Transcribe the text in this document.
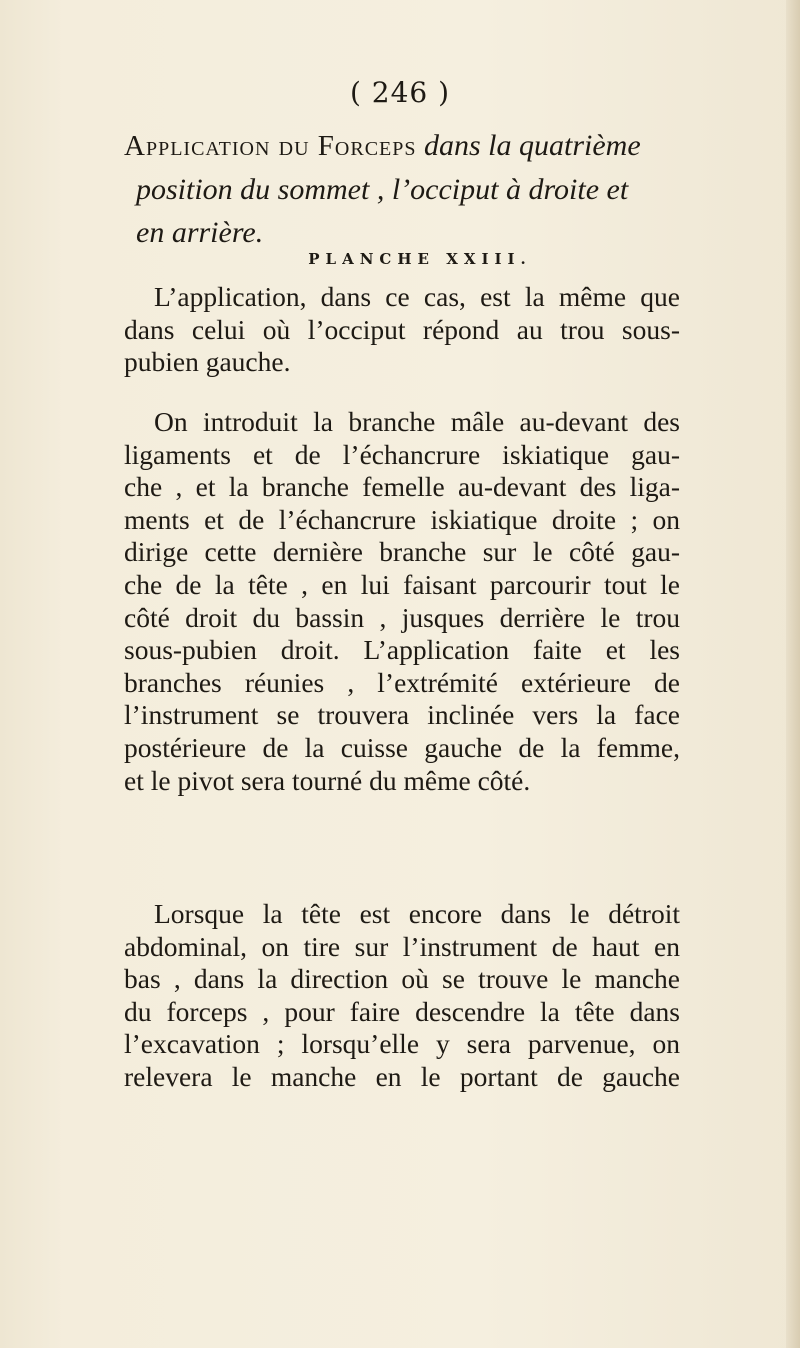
( 246 )
Application du Forceps dans la quatrième
position du sommet , l’occiput à droite et
en arrière.
PLANCHE XXIII.
L’application, dans ce cas, est la même que
dans celui où l’occiput répond au trou sous-
pubien gauche.
On introduit la branche mâle au-devant des
ligaments et de l’échancrure iskiatique gau-
che , et la branche femelle au-devant des liga-
ments et de l’échancrure iskiatique droite ; on
dirige cette dernière branche sur le côté gau-
che de la tête , en lui faisant parcourir tout le
côté droit du bassin , jusques derrière le trou
sous-pubien droit. L’application faite et les
branches réunies , l’extrémité extérieure de
l’instrument se trouvera inclinée vers la face
postérieure de la cuisse gauche de la femme,
et le pivot sera tourné du même côté.
Lorsque la tête est encore dans le détroit
abdominal, on tire sur l’instrument de haut en
bas , dans la direction où se trouve le manche
du forceps , pour faire descendre la tête dans
l’excavation ; lorsqu’elle y sera parvenue, on
relevera le manche en le portant de gauche
